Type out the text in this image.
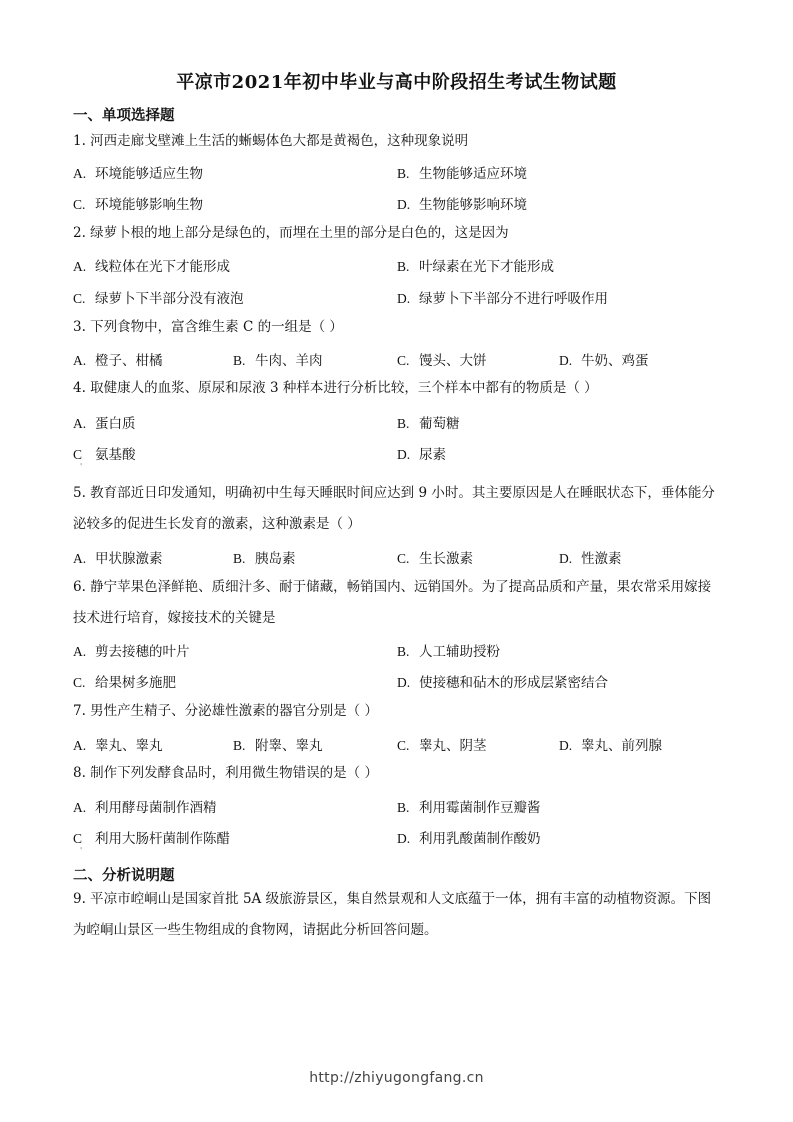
平凉市2021年初中毕业与高中阶段招生考试生物试题
一、单项选择题
1. 河西走廊戈壁滩上生活的蜥蜴体色大都是黄褐色，这种现象说明
A. 环境能够适应生物	B. 生物能够适应环境
C. 环境能够影响生物	D. 生物能够影响环境
2. 绿萝卜根的地上部分是绿色的，而埋在土里的部分是白色的，这是因为
A. 线粒体在光下才能形成	B. 叶绿素在光下才能形成
C. 绿萝卜下半部分没有液泡	D. 绿萝卜下半部分不进行呼吸作用
3. 下列食物中，富含维生素 C 的一组是（ ）
A. 橙子、柑橘	B. 牛肉、羊肉	C. 馒头、大饼	D. 牛奶、鸡蛋
4. 取健康人的血浆、原尿和尿液 3 种样本进行分析比较，三个样本中都有的物质是（ ）
A. 蛋白质	B. 葡萄糖
C 氨基酸	D. 尿素
'
5. 教育部近日印发通知，明确初中生每天睡眠时间应达到 9 小时。其主要原因是人在睡眠状态下，垂体能分泌较多的促进生长发育的激素，这种激素是（ ）
A. 甲状腺激素	B. 胰岛素	C. 生长激素	D. 性激素
6. 静宁苹果色泽鲜艳、质细汁多、耐于储藏，畅销国内、远销国外。为了提高品质和产量，果农常采用嫁接技术进行培育，嫁接技术的关键是
A. 剪去接穗的叶片	B. 人工辅助授粉
C. 给果树多施肥	D. 使接穗和砧木的形成层紧密结合
7. 男性产生精子、分泌雄性激素的器官分别是（ ）
A. 睾丸、睾丸	B. 附睾、睾丸	C. 睾丸、阴茎	D. 睾丸、前列腺
8. 制作下列发酵食品时，利用微生物错误的是（ ）
A. 利用酵母菌制作酒精	B. 利用霉菌制作豆瓣酱
C 利用大肠杆菌制作陈醋	D. 利用乳酸菌制作酸奶
'
二、分析说明题
9. 平凉市崆峒山是国家首批 5A 级旅游景区，集自然景观和人文底蕴于一体，拥有丰富的动植物资源。下图为崆峒山景区一些生物组成的食物网，请据此分析回答问题。
http://zhiyugongfang.cn
